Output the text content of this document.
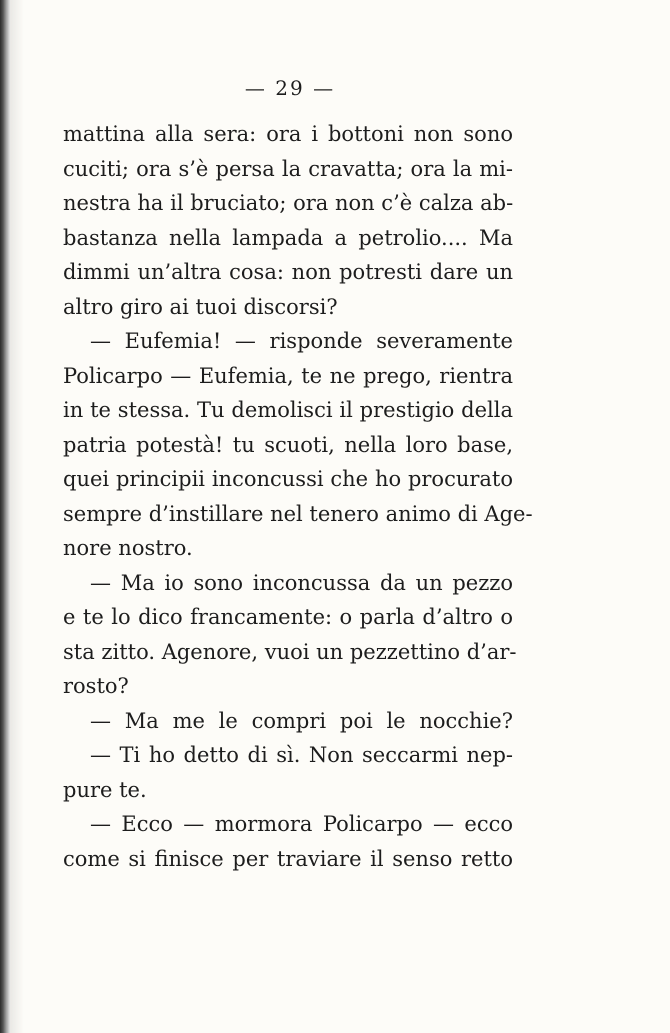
— 29 —
mattina alla sera: ora i bottoni non sono
cuciti; ora s’è persa la cravatta; ora la mi-
nestra ha il bruciato; ora non c’è calza ab-
bastanza nella lampada a petrolio.... Ma
dimmi un’altra cosa: non potresti dare un
altro giro ai tuoi discorsi?
— Eufemia! — risponde severamente
Policarpo — Eufemia, te ne prego, rientra
in te stessa. Tu demolisci il prestigio della
patria potestà! tu scuoti, nella loro base,
quei principii inconcussi che ho procurato
sempre d’instillare nel tenero animo di Age-
nore nostro.
— Ma io sono inconcussa da un pezzo
e te lo dico francamente: o parla d’altro o
sta zitto. Agenore, vuoi un pezzettino d’ar-
rosto?
— Ma me le compri poi le nocchie?
— Ti ho detto di sì. Non seccarmi nep-
pure te.
— Ecco — mormora Policarpo — ecco
come si finisce per traviare il senso retto
